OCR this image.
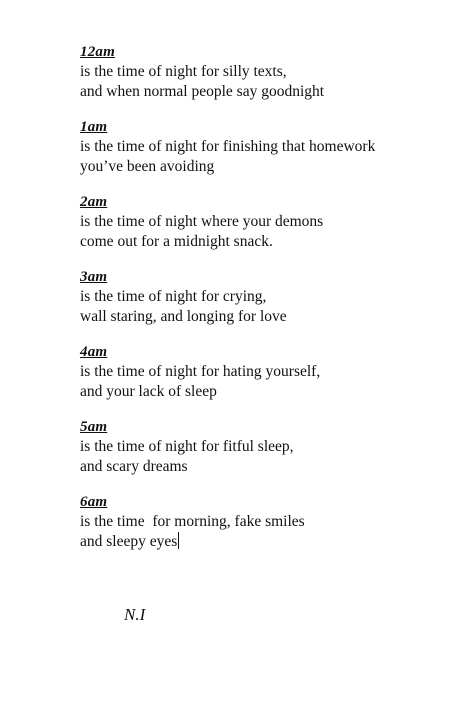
12am
is the time of night for silly texts,
and when normal people say goodnight
1am
is the time of night for finishing that homework
you’ve been avoiding
2am
is the time of night where your demons
come out for a midnight snack.
3am
is the time of night for crying,
wall staring, and longing for love
4am
is the time of night for hating yourself,
and your lack of sleep
5am
is the time of night for fitful sleep,
and scary dreams
6am
is the time  for morning, fake smiles
and sleepy eyes
N.I
